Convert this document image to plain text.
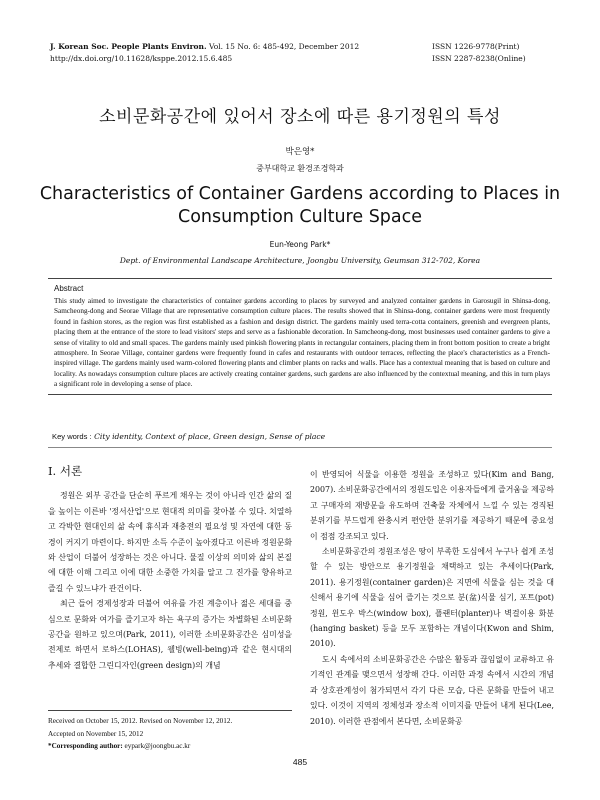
J. Korean Soc. People Plants Environ. Vol. 15 No. 6: 485-492, December 2012
http://dx.doi.org/10.11628/ksppe.2012.15.6.485
ISSN 1226-9778(Print)
ISSN 2287-8238(Online)
소비문화공간에 있어서 장소에 따른 용기정원의 특성
박은영*
중부대학교 환경조경학과
Characteristics of Container Gardens according to Places in
Consumption Culture Space
Eun-Yeong Park*
Dept. of Environmental Landscape Architecture, Joongbu University, Geumsan 312-702, Korea
Abstract
This study aimed to investigate the characteristics of container gardens according to places by surveyed and analyzed container gardens in Garosugil in Shinsa-dong, Samcheong-dong and Seorae Village that are representative consumption culture places. The results showed that in Shinsa-dong, container gardens were most frequently found in fashion stores, as the region was first established as a fashion and design district. The gardens mainly used terra-cotta containers, greenish and evergreen plants, placing them at the entrance of the store to lead visitors' steps and serve as a fashionable decoration. In Samcheong-dong, most businesses used container gardens to give a sense of vitality to old and small spaces. The gardens mainly used pinkish flowering plants in rectangular containers, placing them in front bottom position to create a bright atmosphere. In Seorae Village, container gardens were frequently found in cafes and restaurants with outdoor terraces, reflecting the place's characteristics as a French-inspired village. The gardens mainly used warm-colored flowering plants and climber plants on racks and walls. Place has a contextual meaning that is based on culture and locality. As nowadays consumption culture places are actively creating container gardens, such gardens are also influenced by the contextual meaning, and this in turn plays a significant role in developing a sense of place.
Key words : City identity, Context of place, Green design, Sense of place
Ⅰ. 서론

정원은 외부 공간을 단순히 푸르게 채우는 것이 아니라 인간 삶의 질을 높이는 이른바 '정서산업'으로 현대적 의미를 찾아볼 수 있다. 치열하고 각박한 현대인의 삶 속에 휴식과 재충전의 필요성 및 자연에 대한 동경이 커지기 마련이다. 하지만 소득 수준이 높아졌다고 이른바 정원문화와 산업이 더불어 성장하는 것은 아니다. 물질 이상의 의미와 삶의 본질에 대한 이해 그리고 이에 대한 소중한 가치를 알고 그 진가를 향유하고 즐길 수 있느냐가 관건이다.

최근 들어 경제성장과 더불어 여유를 가진 계층이나 젊은 세대를 중심으로 문화와 여가를 즐기고자 하는 욕구의 증가는 차별화된 소비문화공간을 원하고 있으며(Park, 2011), 이러한 소비문화공간은 심미성을 전제로 하면서 로하스(LOHAS), 웰빙(well-being)과 같은 현시대의 추세와 결합한 그린디자인(green design)의 개념

이 반영되어 식물을 이용한 정원을 조성하고 있다(Kim and Bang, 2007). 소비문화공간에서의 정원도입은 이용자들에게 즐거움을 제공하고 구매자의 재방문을 유도하며 건축물 자체에서 느낄 수 있는 경직된 분위기를 부드럽게 완충시켜 편안한 분위기를 제공하기 때문에 중요성이 점점 강조되고 있다.

소비문화공간의 정원조성은 땅이 부족한 도심에서 누구나 쉽게 조성할 수 있는 방안으로 용기정원을 채택하고 있는 추세이다(Park, 2011). 용기정원(container garden)은 지면에 식물을 심는 것을 대신해서 용기에 식물을 심어 즐기는 것으로 분(盆)식물 심기, 포트(pot) 정원, 윈도우 박스(window box), 플랜터(planter)나 벽걸이용 화분(hanging basket) 등을 모두 포함하는 개념이다(Kwon and Shim, 2010).

도시 속에서의 소비문화공간은 수많은 활동과 끊임없이 교류하고 유기적인 관계를 맺으면서 성장해 간다. 이러한 과정 속에서 시간의 개념과 상호관계성이 첨가되면서 각기 다른 모습, 다른 문화를 만들어 내고 있다. 이것이 지역의 정체성과 장소적 이미지를 만들어 내게 된다(Lee, 2010). 이러한 관점에서 본다면, 소비문화공

Received on October 15, 2012. Revised on November 12, 2012.
Accepted on November 15, 2012
*Corresponding author: eypark@joongbu.ac.kr
485
